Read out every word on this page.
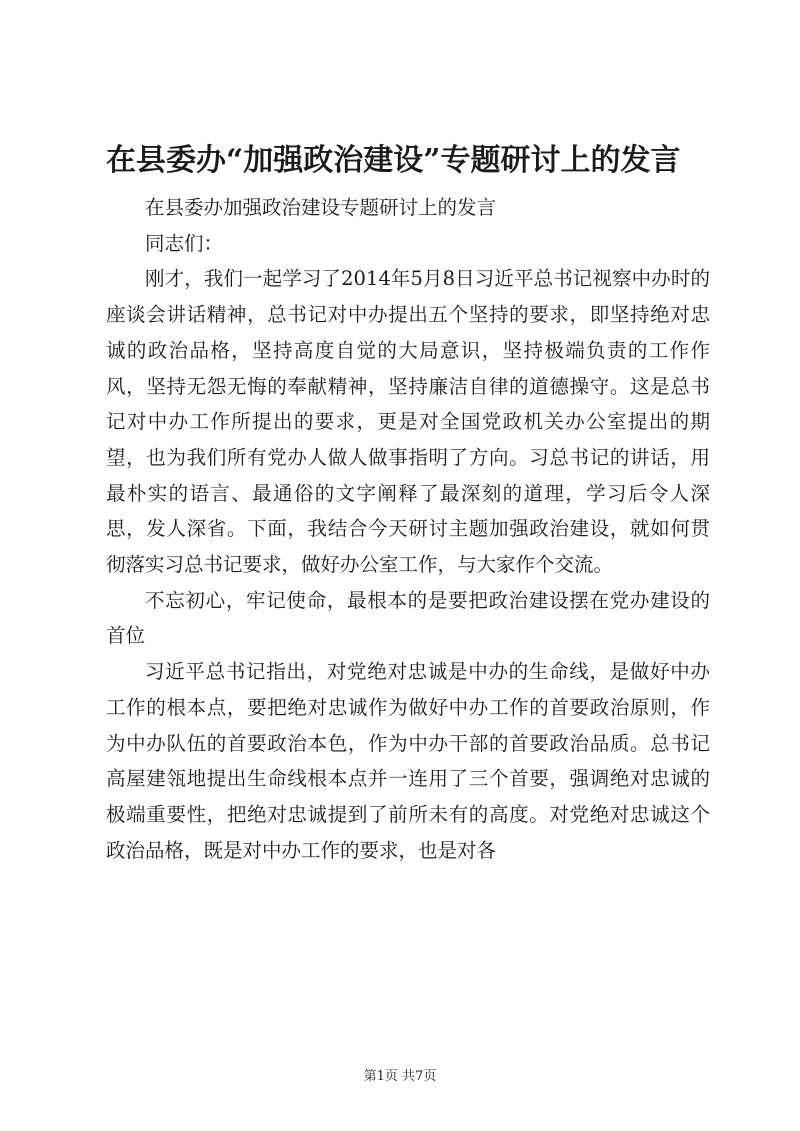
在县委办“加强政治建设”专题研讨上的发言

在县委办加强政治建设专题研讨上的发言

同志们：

刚才，我们一起学习了2014年5月8日习近平总书记视察中办时的座谈会讲话精神，总书记对中办提出五个坚持的要求，即坚持绝对忠诚的政治品格，坚持高度自觉的大局意识，坚持极端负责的工作作风，坚持无怨无悔的奉献精神，坚持廉洁自律的道德操守。这是总书记对中办工作所提出的要求，更是对全国党政机关办公室提出的期望，也为我们所有党办人做人做事指明了方向。习总书记的讲话，用最朴实的语言、最通俗的文字阐释了最深刻的道理，学习后令人深思，发人深省。下面，我结合今天研讨主题加强政治建设，就如何贯彻落实习总书记要求，做好办公室工作，与大家作个交流。

不忘初心，牢记使命，最根本的是要把政治建设摆在党办建设的首位

习近平总书记指出，对党绝对忠诚是中办的生命线，是做好中办工作的根本点，要把绝对忠诚作为做好中办工作的首要政治原则，作为中办队伍的首要政治本色，作为中办干部的首要政治品质。总书记高屋建瓴地提出生命线根本点并一连用了三个首要，强调绝对忠诚的极端重要性，把绝对忠诚提到了前所未有的高度。对党绝对忠诚这个政治品格，既是对中办工作的要求，也是对各

第1页 共7页
